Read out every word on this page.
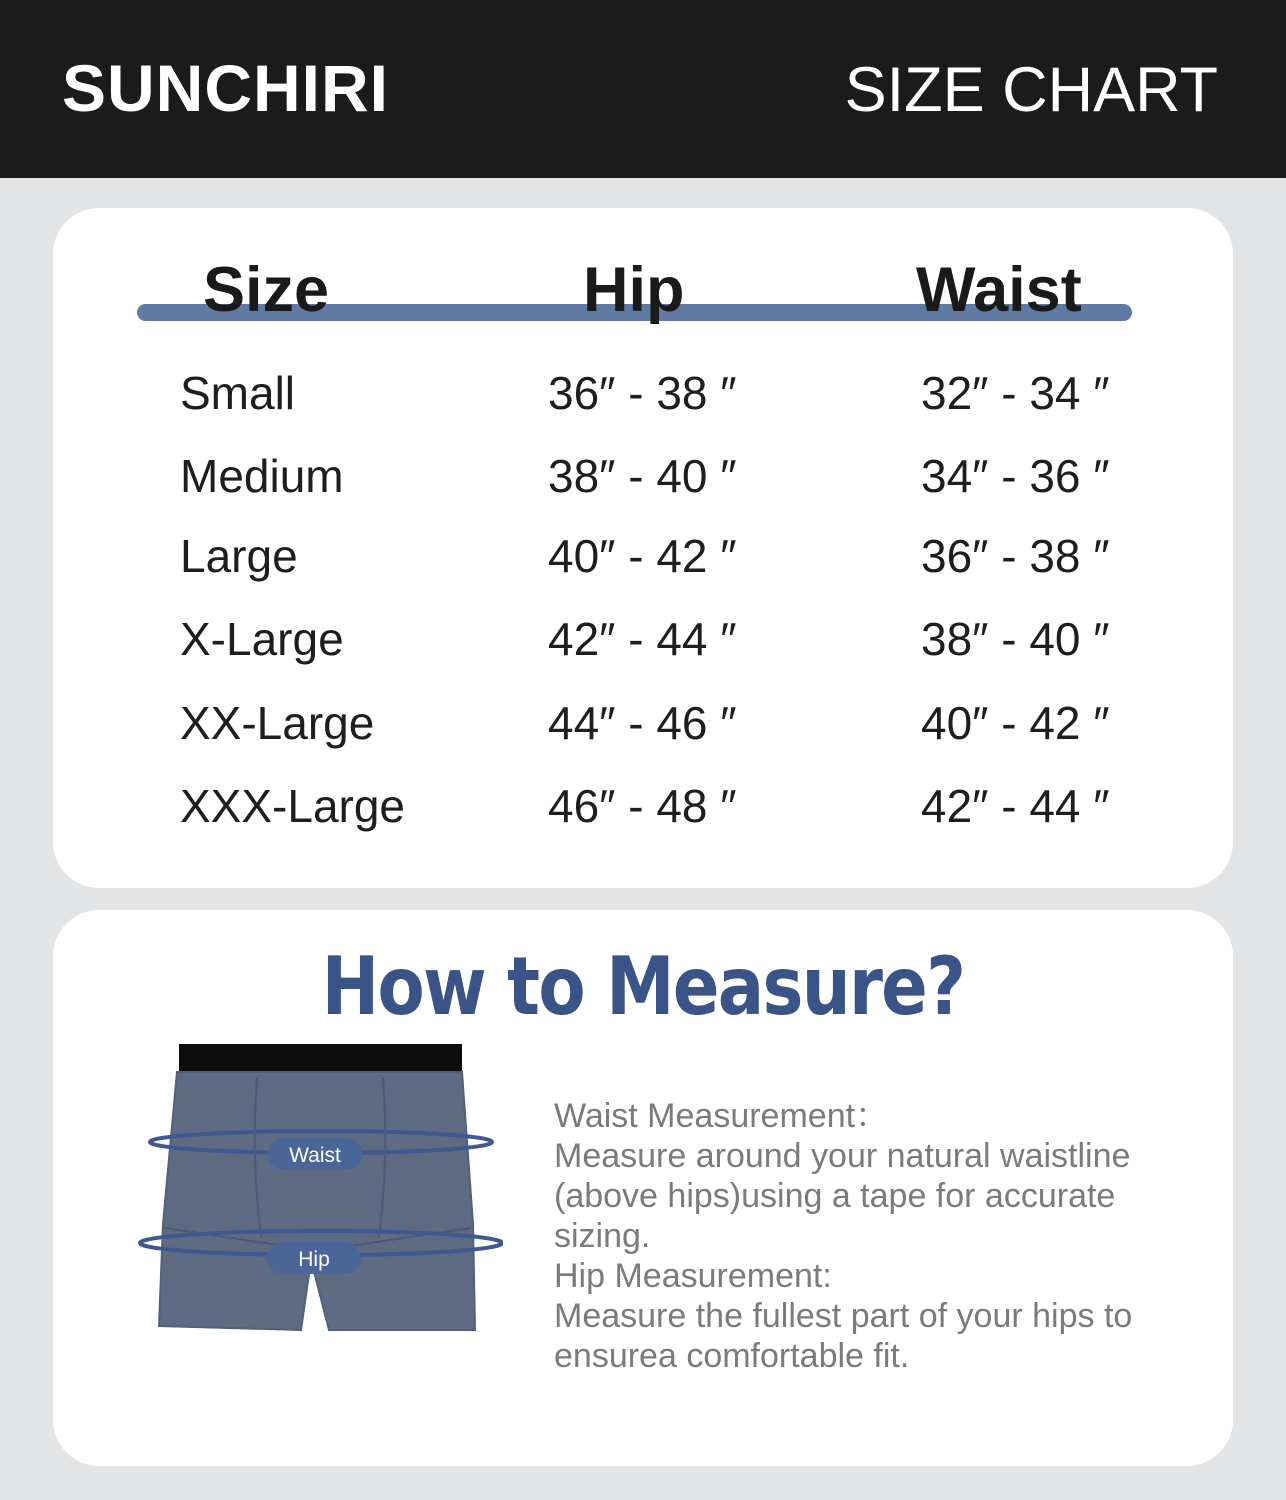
SUNCHIRI	SIZE CHART
Size	Hip	Waist
Small	36″ - 38 ″	32″ - 34 ″
Medium	38″ - 40 ″	34″ - 36 ″
Large	40″ - 42 ″	36″ - 38 ″
X-Large	42″ - 44 ″	38″ - 40 ″
XX-Large	44″ - 46 ″	40″ - 42 ″
XXX-Large	46″ - 48 ″	42″ - 44 ″
How to Measure?
Waist
Hip
Waist Measurement：
Measure around your natural waistline (above hips)using a tape for accurate sizing.
Hip Measurement:
Measure the fullest part of your hips to ensurea comfortable fit.
